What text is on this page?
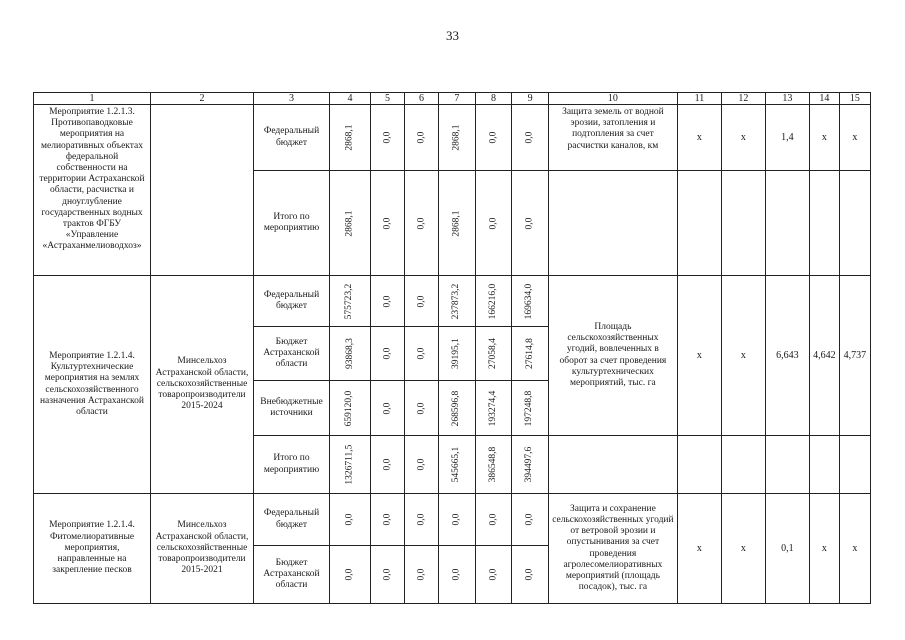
33
1	2	3	4	5	6	7	8	9	10	11	12	13	14	15
Мероприятие 1.2.1.3. Противопаводковые мероприятия на мелиоративных объектах федеральной собственности на территории Астраханской области, расчистка и дноуглубление государственных водных трактов ФГБУ «Управление «Астраханмелиоводхоз»		Федеральный бюджет	2868,1	0,0	0,0	2868,1	0,0	0,0	Защита земель от водной эрозии, затопления и подтопления за счет расчистки каналов, км	х	х	1,4	х	х
		Итого по мероприятию	2868,1	0,0	0,0	2868,1	0,0	0,0						
Мероприятие 1.2.1.4. Культуртехнические мероприятия на землях сельскохозяйственного назначения Астраханской области	Минсельхоз Астраханской области, сельскохозяйственные товаропроизводители 2015-2024	Федеральный бюджет	575723,2	0,0	0,0	237873,2	166216,0	169634,0	Площадь сельскохозяйственных угодий, вовлеченных в оборот за счет проведения культуртехнических мероприятий, тыс. га	х	х	6,643	4,642	4,737
		Бюджет Астраханской области	93868,3	0,0	0,0	39195,1	27058,4	27614,8						
		Внебюджетные источники	659120,0	0,0	0,0	268596,8	193274,4	197248,8						
		Итого по мероприятию	1326711,5	0,0	0,0	545665,1	386548,8	394497,6						
Мероприятие 1.2.1.4. Фитомелиоративные мероприятия, направленные на закрепление песков	Минсельхоз Астраханской области, сельскохозяйственные товаропроизводители 2015-2021	Федеральный бюджет	0,0	0,0	0,0	0,0	0,0	0,0	Защита и сохранение сельскохозяйственных угодий от ветровой эрозии и опустынивания за счет проведения агролесомелиоративных мероприятий (площадь посадок), тыс. га	х	х	0,1	х	х
		Бюджет Астраханской области	0,0	0,0	0,0	0,0	0,0	0,0						
